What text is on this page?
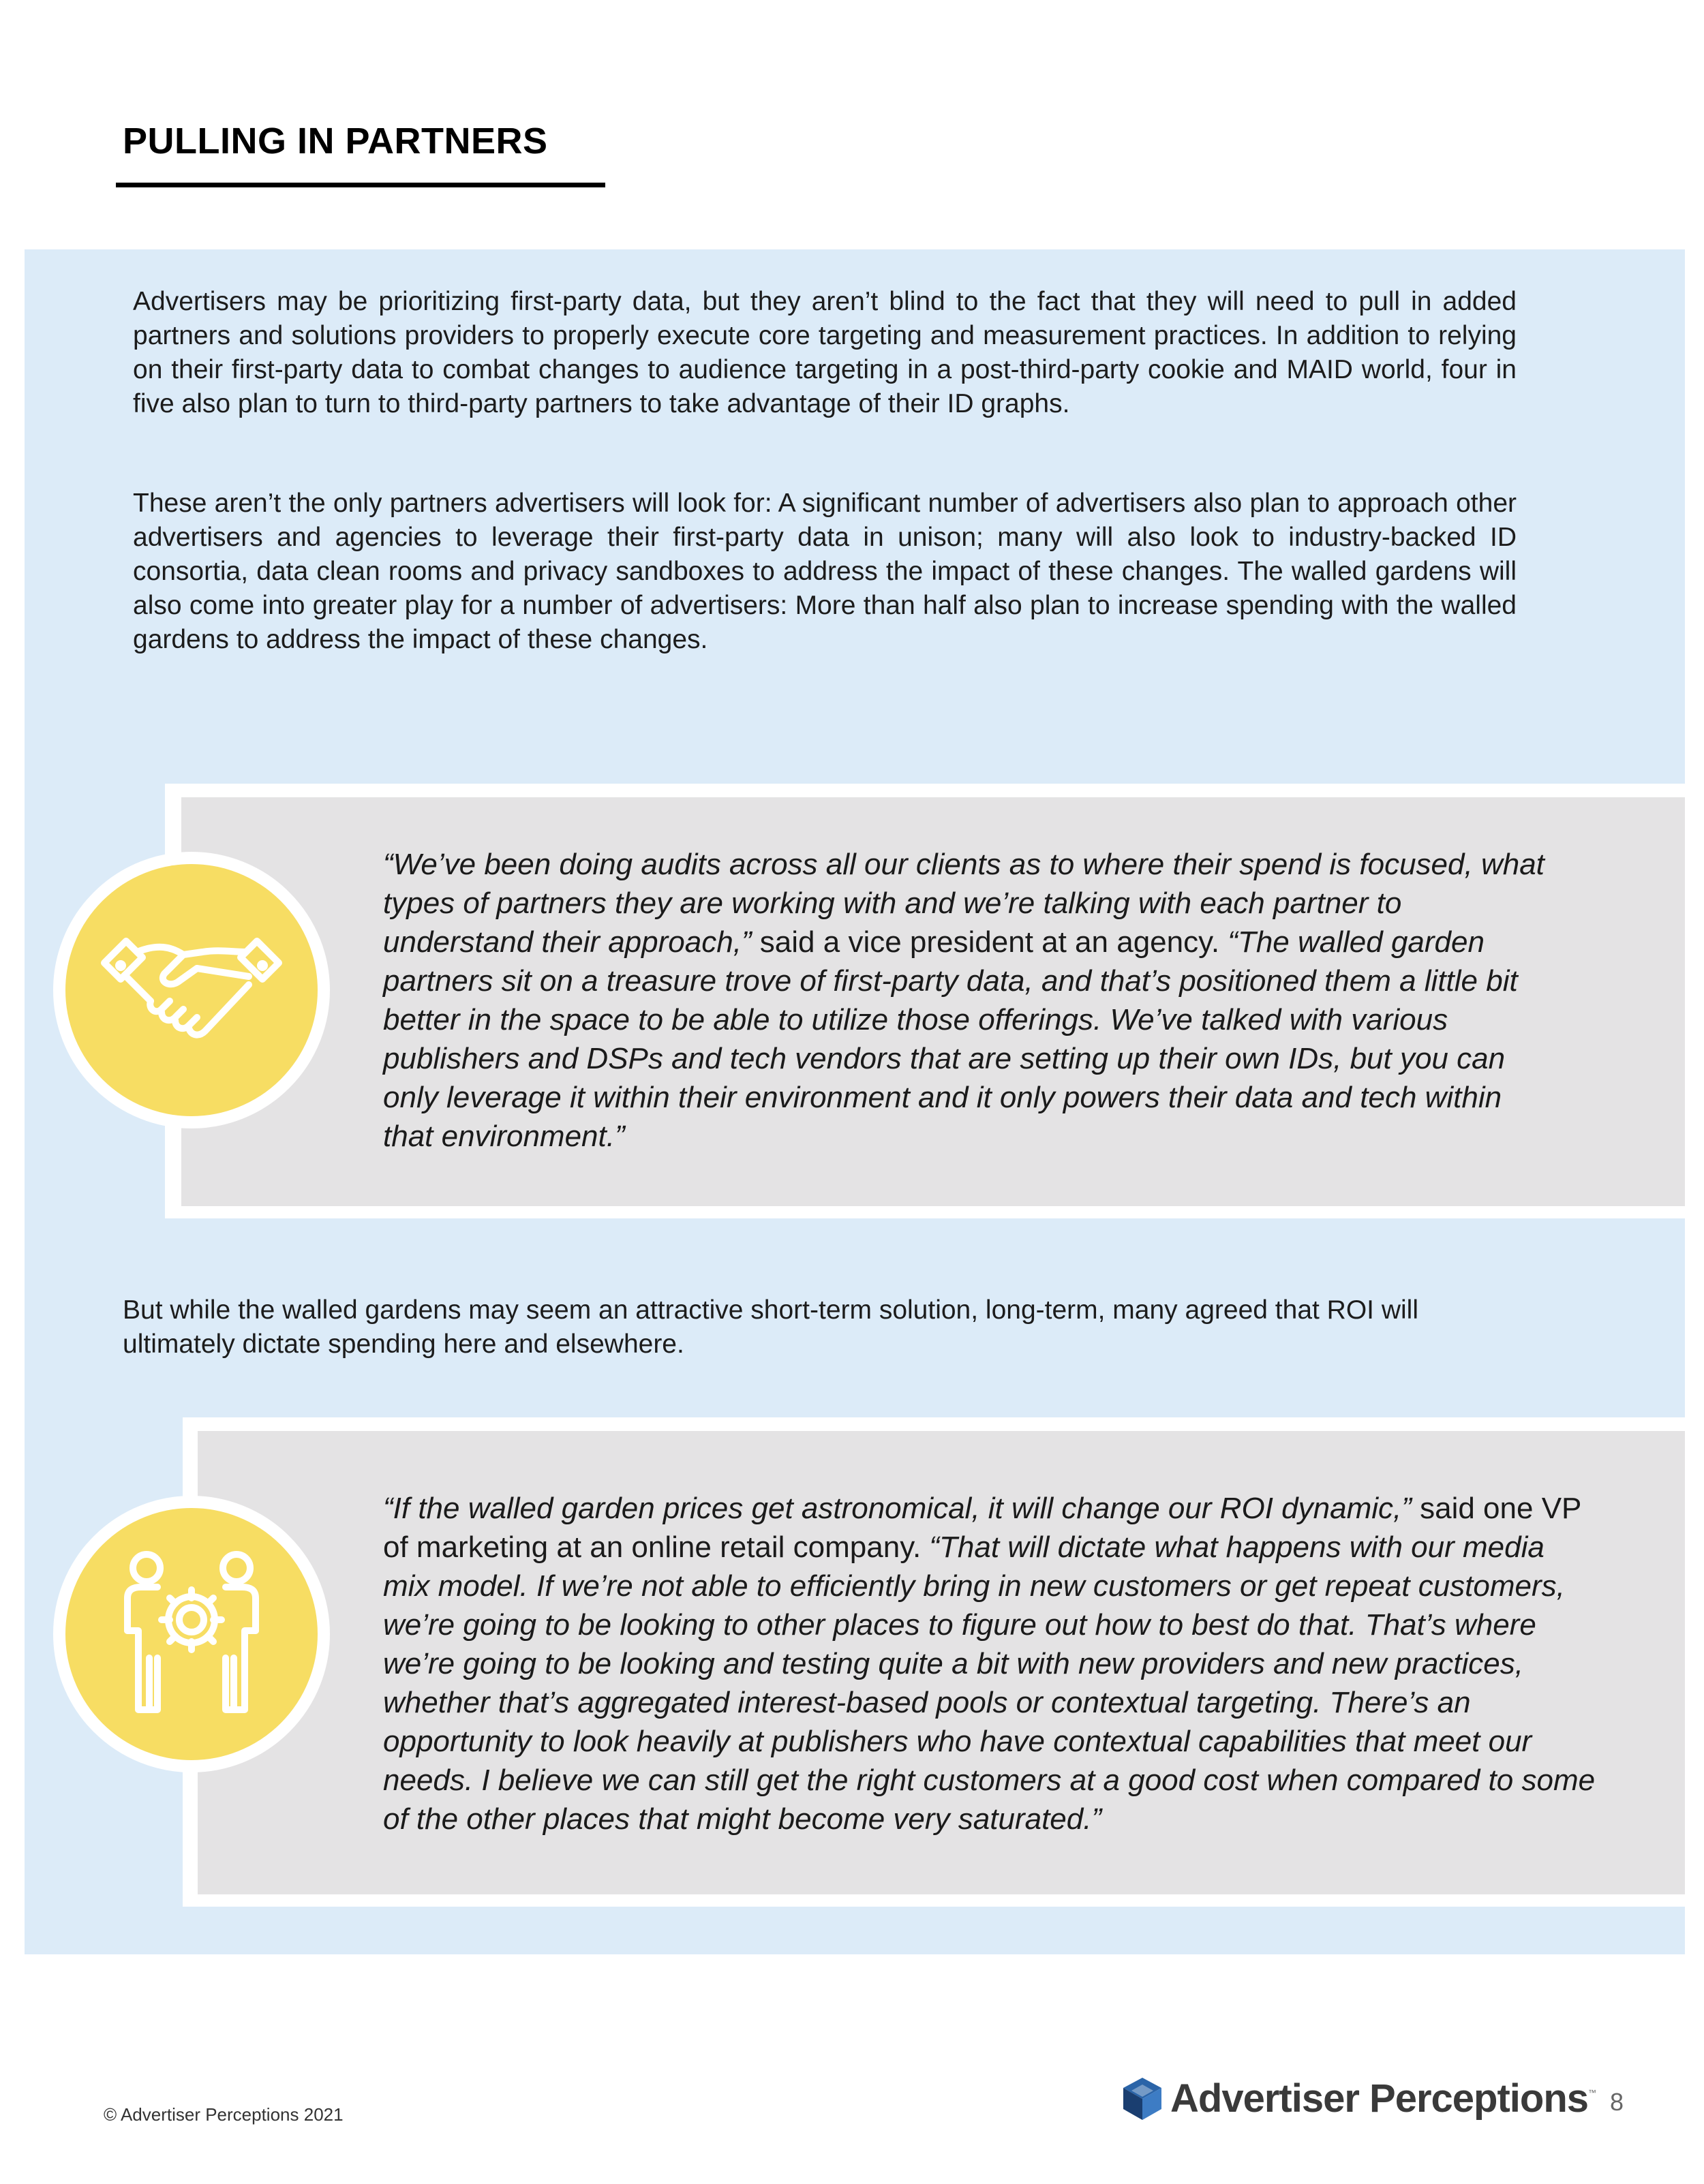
PULLING IN PARTNERS

Advertisers may be prioritizing first-party data, but they aren’t blind to the fact that they will need to pull in added partners and solutions providers to properly execute core targeting and measurement practices. In addition to relying on their first-party data to combat changes to audience targeting in a post-third-party cookie and MAID world, four in five also plan to turn to third-party partners to take advantage of their ID graphs.

These aren’t the only partners advertisers will look for: A significant number of advertisers also plan to approach other advertisers and agencies to leverage their first-party data in unison; many will also look to industry-backed ID consortia, data clean rooms and privacy sandboxes to address the impact of these changes. The walled gardens will also come into greater play for a number of advertisers: More than half also plan to increase spending with the walled gardens to address the impact of these changes.

“We’ve been doing audits across all our clients as to where their spend is focused, what types of partners they are working with and we’re talking with each partner to understand their approach,” said a vice president at an agency. “The walled garden partners sit on a treasure trove of first-party data, and that’s positioned them a little bit better in the space to be able to utilize those offerings. We’ve talked with various publishers and DSPs and tech vendors that are setting up their own IDs, but you can only leverage it within their environment and it only powers their data and tech within that environment.”

But while the walled gardens may seem an attractive short-term solution, long-term, many agreed that ROI will ultimately dictate spending here and elsewhere.

“If the walled garden prices get astronomical, it will change our ROI dynamic,” said one VP of marketing at an online retail company. “That will dictate what happens with our media mix model. If we’re not able to efficiently bring in new customers or get repeat customers, we’re going to be looking to other places to figure out how to best do that. That’s where we’re going to be looking and testing quite a bit with new providers and new practices, whether that’s aggregated interest-based pools or contextual targeting. There’s an opportunity to look heavily at publishers who have contextual capabilities that meet our needs. I believe we can still get the right customers at a good cost when compared to some of the other places that might become very saturated.”

© Advertiser Perceptions 2021	Advertiser Perceptions ™ 8
